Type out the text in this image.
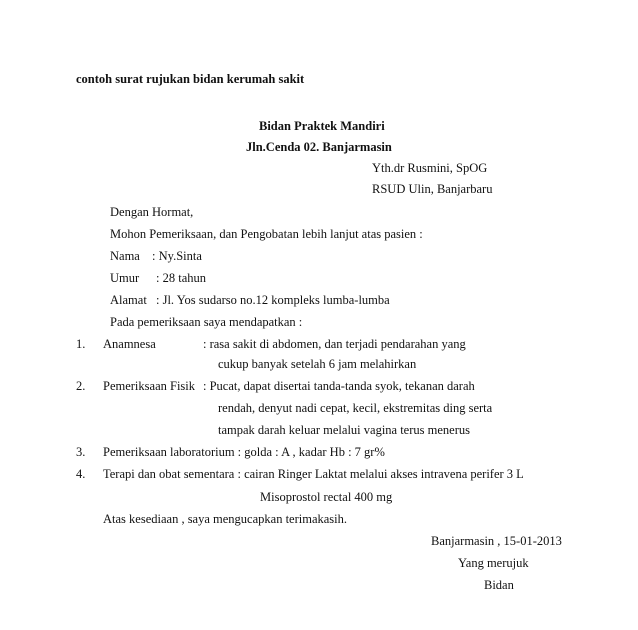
contoh surat rujukan bidan kerumah sakit
Bidan Praktek Mandiri
Jln.Cenda 02. Banjarmasin
Yth.dr Rusmini, SpOG
RSUD Ulin, Banjarbaru
Dengan Hormat,
Mohon Pemeriksaan, dan Pengobatan lebih lanjut atas pasien :
Nama : Ny.Sinta
Umur : 28 tahun
Alamat : Jl. Yos sudarso no.12 kompleks lumba-lumba
Pada pemeriksaan saya mendapatkan :
1. Anamnesa	: rasa sakit di abdomen, dan terjadi pendarahan yang
cukup banyak setelah 6 jam melahirkan
2. Pemeriksaan Fisik : Pucat, dapat disertai tanda-tanda syok, tekanan darah
rendah, denyut nadi cepat, kecil, ekstremitas ding serta
tampak darah keluar melalui vagina terus menerus
3. Pemeriksaan laboratorium : golda : A , kadar Hb : 7 gr%
4. Terapi dan obat sementara : cairan Ringer Laktat melalui akses intravena perifer 3 L
Misoprostol rectal 400 mg
Atas kesediaan , saya mengucapkan terimakasih.
Banjarmasin , 15-01-2013
Yang merujuk
Bidan
